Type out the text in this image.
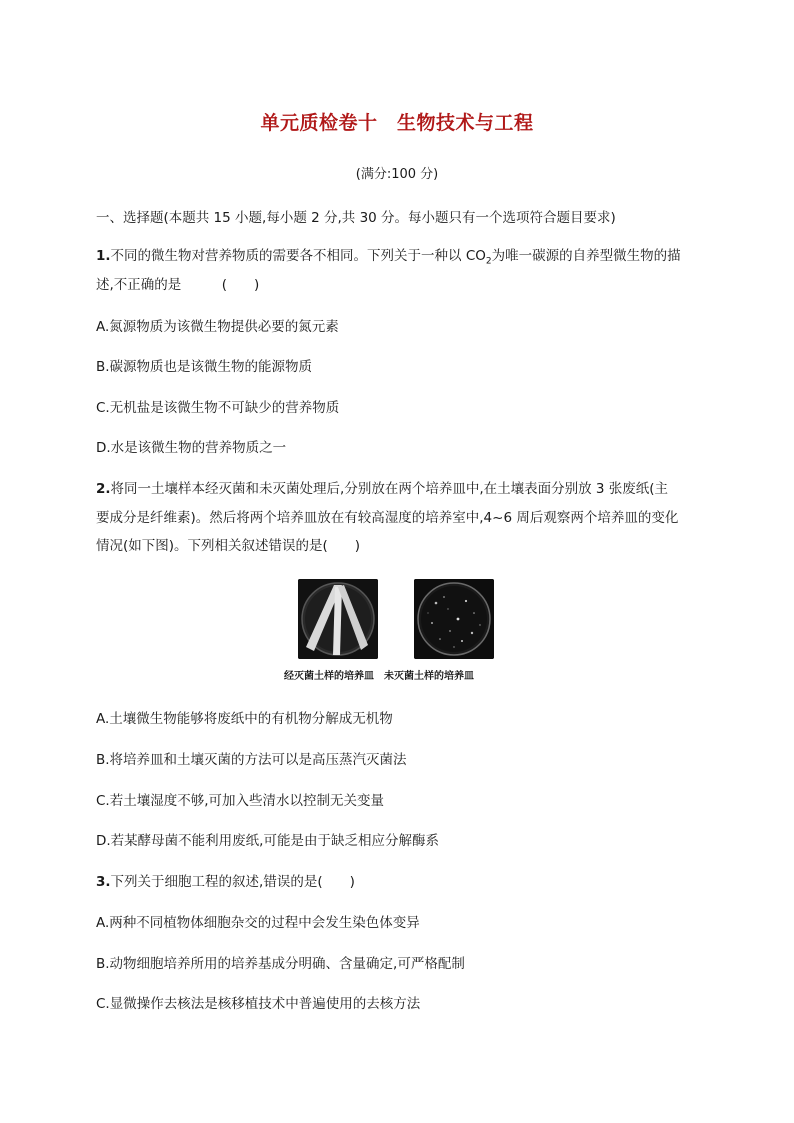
单元质检卷十　生物技术与工程
(满分:100 分)
一、选择题(本题共 15 小题,每小题 2 分,共 30 分。每小题只有一个选项符合题目要求)
1.不同的微生物对营养物质的需要各不相同。下列关于一种以 $CO_2$为唯一碳源的自养型微生物的描
述,不正确的是　　　(　　)
A.氮源物质为该微生物提供必要的氮元素
B.碳源物质也是该微生物的能源物质
C.无机盐是该微生物不可缺少的营养物质
D.水是该微生物的营养物质之一
2.将同一土壤样本经灭菌和未灭菌处理后,分别放在两个培养皿中,在土壤表面分别放 3 张废纸(主
要成分是纤维素)。然后将两个培养皿放在有较高湿度的培养室中,4~6 周后观察两个培养皿的变化
情况(如下图)。下列相关叙述错误的是(　　)
经灭菌土样的培养皿 未灭菌土样的培养皿
A.土壤微生物能够将废纸中的有机物分解成无机物
B.将培养皿和土壤灭菌的方法可以是高压蒸汽灭菌法
C.若土壤湿度不够,可加入些清水以控制无关变量
D.若某酵母菌不能利用废纸,可能是由于缺乏相应分解酶系
3.下列关于细胞工程的叙述,错误的是(　　)
A.两种不同植物体细胞杂交的过程中会发生染色体变异
B.动物细胞培养所用的培养基成分明确、含量确定,可严格配制
C.显微操作去核法是核移植技术中普遍使用的去核方法
